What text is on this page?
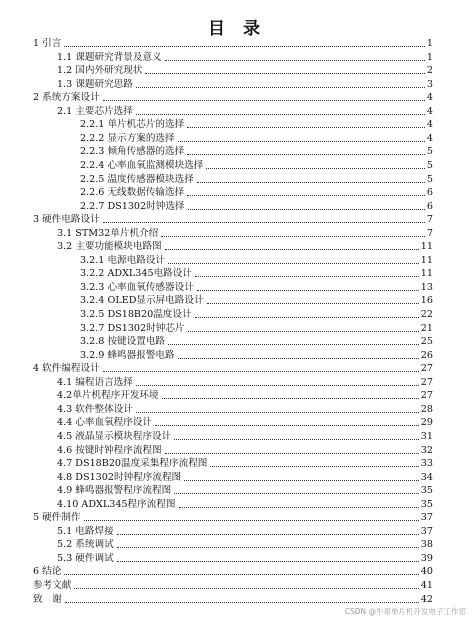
目 录
1 引言	1
1.1 课题研究背景及意义	1
1.2 国内外研究现状	2
1.3 课题研究思路	3
2 系统方案设计	4
2.1 主要芯片选择	4
2.2.1 单片机芯片的选择	4
2.2.2 显示方案的选择	4
2.2.3 倾角传感器的选择	5
2.2.4 心率血氧监测模块选择	5
2.2.5 温度传感器模块选择	5
2.2.6 无线数据传输选择	6
2.2.7 DS1302时钟选择	6
3 硬件电路设计	7
3.1 STM32单片机介绍	7
3.2 主要功能模块电路图	11
3.2.1 电源电路设计	11
3.2.2 ADXL345电路设计	11
3.2.3 心率血氧传感器设计	13
3.2.4 OLED显示屏电路设计	16
3.2.5 DS18B20温度设计	22
3.2.7 DS1302时钟芯片	21
3.2.8 按键设置电路	25
3.2.9 蜂鸣器报警电路	26
4 软件编程设计	27
4.1 编程语言选择	27
4.2单片机程序开发环境	27
4.3 软件整体设计	28
4.4 心率血氧程序设计	29
4.5 液晶显示模块程序设计	31
4.6 按键时钟程序流程图	32
4.7 DS18B20温度采集程序流程图	33
4.8 DS1302时钟程序流程图	34
4.9 蜂鸣器报警程序流程图	35
4.10 ADXL345程序流程图	35
5 硬件制作	37
5.1 电路焊接	37
5.2 系统调试	38
5.3 硬件调试	39
6 结论	40
参考文献	41
致　谢	42
CSDN @牛哥单片机开发电子工作室
